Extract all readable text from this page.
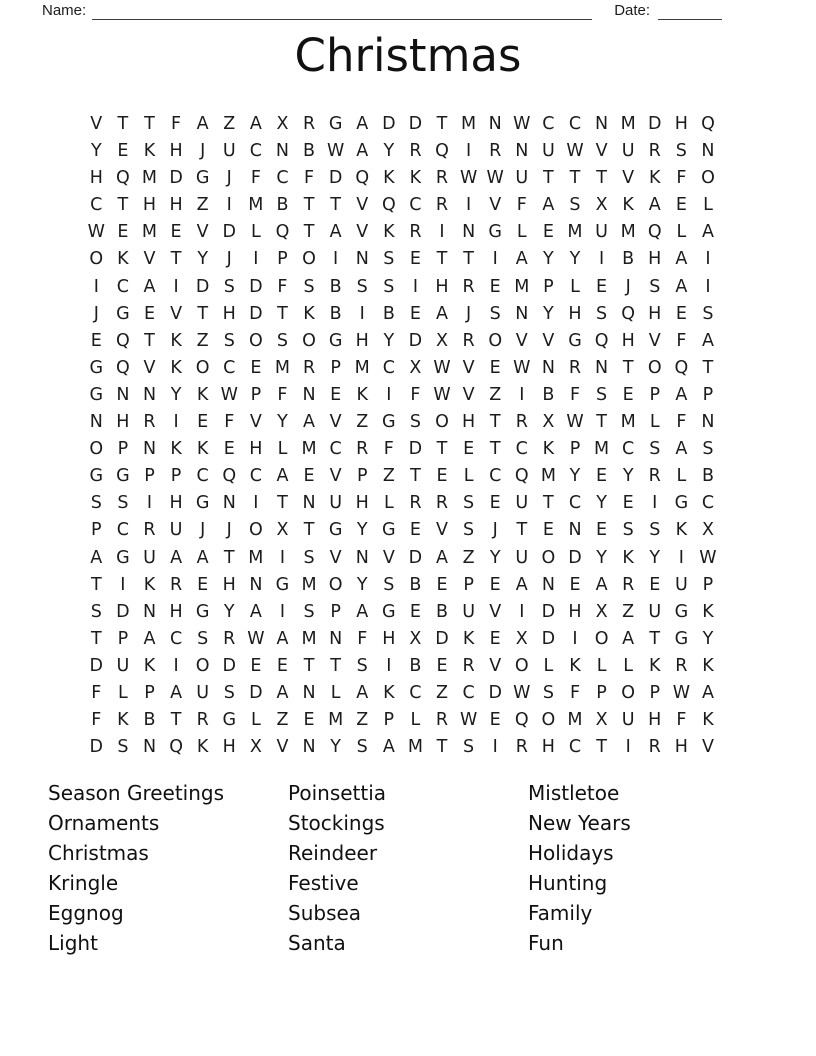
Name:	Date:
Christmas
V T T F A Z A X R G A D D T M N W C C N M D H Q
Y E K H J	U C N B W A Y R Q I	R N U W V U R S N
H Q M D G J	F C F D Q K K R W W U T T T V K F O
C T H H Z	I M B T T V Q C R	I	V F A S X K A E L
W E M E V D L Q T A V K R	I N G L E M U M Q L A
O K V T Y	J	I	P O I N S E T T	I	A Y Y	I	B H A	I
I	C A	I D S D F S B S S	I H R E M P L E	J	S A	I
J G E V T H D T K B	I	B E A	J	S N Y H S Q H E S
E Q T K Z S O S O G H Y D X R O V V G Q H V F A
G Q V K O C E M R P M C X W V E W N R N T O Q T
G N N Y K W P F N E K	I	F W V Z	I	B F S E P A P
N H R	I	E F V Y A V Z G S O H T R X W T M L F N
O P N K K E H L M C R F D T E T C K P M C S A S
G G P P C Q C A E V P Z T E L C Q M Y E Y R L B
S S	I H G N I	T N U H L R R S E U T C Y E	I G C
P C R U	J	J O X T G Y G E V S	J	T E N E S S K X
A G U A A T M I	S V N V D A Z Y U O D Y K Y	I W
T	I	K R E H N G M O Y S B E P E A N E A R E U P
S D N H G Y A	I	S P A G E B U V	I D H X Z U G K
T P A C S R W A M N F H X D K E X D I O A T G Y
D U K	I O D E E T T S	I	B E R V O L K L L K R K
F L P A U S D A N L A K C Z C D W S F P O P W A
F K B T R G L Z E M Z P L R W E Q O M X U H F K
D S N Q K H X V N Y S A M T S	I	R H C T	I	R H V
Season Greetings
Ornaments
Christmas
Kringle
Eggnog
Light
Poinsettia
Stockings
Reindeer
Festive
Subsea
Santa
Mistletoe
New Years
Holidays
Hunting
Family
Fun
